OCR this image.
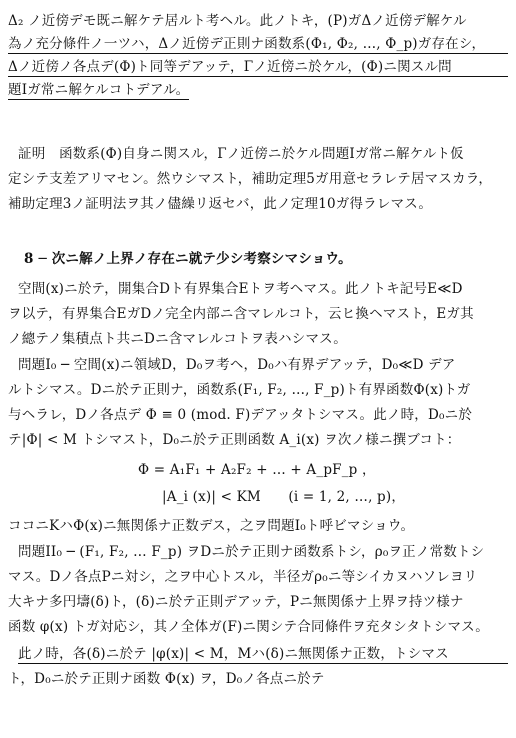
Δ₂ ノ近傍デモ既ニ解ケテ居ルト考ヘル。此ノトキ，(P)ガΔノ近傍デ解ケル
為ノ充分條件ノ一ツハ，Δノ近傍デ正則ナ函数系(Φ₁, Φ₂, …, Φ_p)ガ存在シ，
Δノ近傍ノ各点デ(Φ)ト同等デアッテ，Γノ近傍ニ於ケル，(Φ)ニ関スル問
題Iガ常ニ解ケルコトデアル。
証明　函数系(Φ)自身ニ関スル，Γノ近傍ニ於ケル問題Iガ常ニ解ケルト仮
定シテ支差アリマセン。然ウシマスト，補助定理5ガ用意セラレテ居マスカラ，
補助定理3ノ証明法ヲ其ノ儘繰リ返セバ，此ノ定理10ガ得ラレマス。
8 ─ 次ニ解ノ上界ノ存在ニ就テ少シ考察シマショウ。
空間(x)ニ於テ，開集合Dト有界集合Eトヲ考ヘマス。此ノトキ記号E≪D
ヲ以テ，有界集合EガDノ完全内部ニ含マレルコト，云ヒ換ヘマスト，Eガ其
ノ總テノ集積点ト共ニDニ含マレルコトヲ表ハシマス。
問題I₀ ─ 空間(x)ニ領域D，D₀ヲ考ヘ，D₀ハ有界デアッテ，D₀≪D デア
ルトシマス。Dニ於テ正則ナ，函数系(F₁, F₂, …, F_p)ト有界函数Φ(x)トガ
与ヘラレ，Dノ各点デ Φ ≡ 0 (mod. F)デアッタトシマス。此ノ時，D₀ニ於
テ|Φ| < M トシマスト，D₀ニ於テ正則函数 A_i(x) ヲ次ノ様ニ撰ブコト：
Φ = A₁F₁ + A₂F₂ + … + A_pF_p ，
|A_i (x)| < KM　　(i = 1, 2, …, p)，
ココニKハΦ(x)ニ無関係ナ正数デス，之ヲ問題I₀ト呼ビマショウ。
問題II₀ ─ (F₁, F₂, … F_p) ヲDニ於テ正則ナ函数系トシ，ρ₀ヲ正ノ常数トシ
マス。Dノ各点Pニ対シ，之ヲ中心トスル，半径ガρ₀ニ等シイカヌハソレヨリ
大キナ多円壔(δ)ト，(δ)ニ於テ正則デアッテ，Pニ無関係ナ上界ヲ持ツ様ナ
函数 φ(x) トガ対応シ，其ノ全体ガ(F)ニ関シテ合同條件ヲ充タシタトシマス。
此ノ時，各(δ)ニ於テ |φ(x)| < M，Mハ(δ)ニ無関係ナ正数，トシマス
ト，D₀ニ於テ正則ナ函数 Φ(x) ヲ，D₀ノ各点ニ於テ
